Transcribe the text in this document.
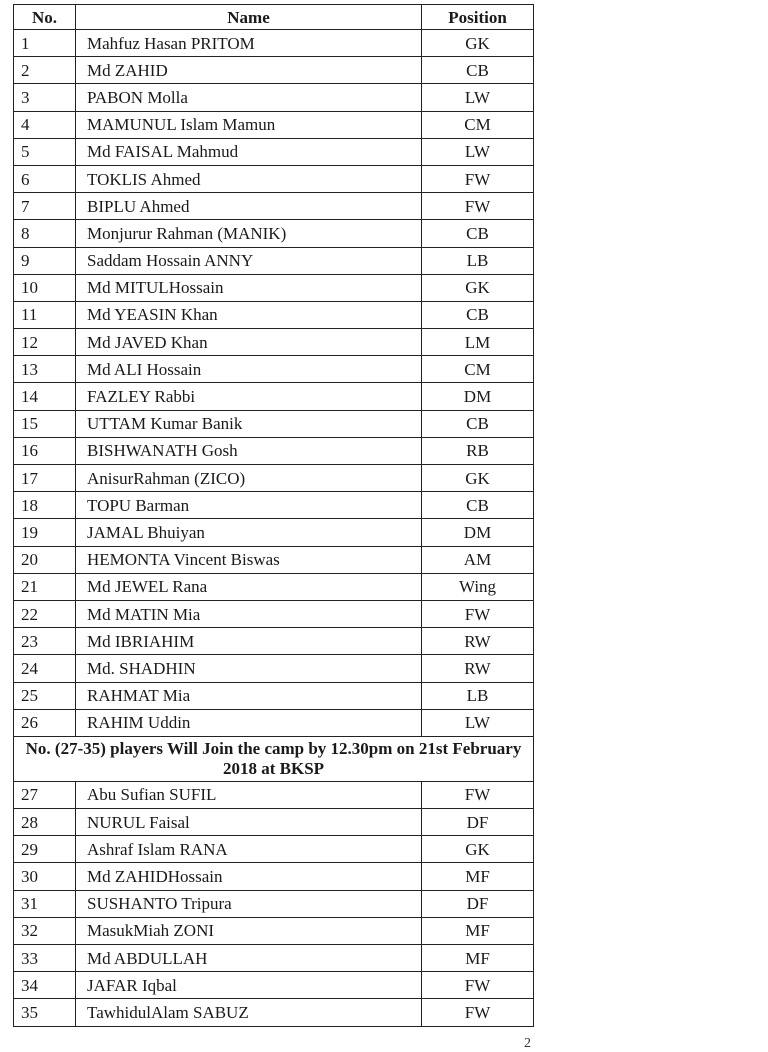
No.	Name	Position
1	Mahfuz Hasan PRITOM	GK
2	Md ZAHID	CB
3	PABON Molla	LW
4	MAMUNUL Islam Mamun	CM
5	Md FAISAL Mahmud	LW
6	TOKLIS Ahmed	FW
7	BIPLU Ahmed	FW
8	Monjurur Rahman (MANIK)	CB
9	Saddam Hossain ANNY	LB
10	Md MITULHossain	GK
11	Md YEASIN Khan	CB
12	Md JAVED Khan	LM
13	Md ALI Hossain	CM
14	FAZLEY Rabbi	DM
15	UTTAM Kumar Banik	CB
16	BISHWANATH Gosh	RB
17	AnisurRahman (ZICO)	GK
18	TOPU Barman	CB
19	JAMAL Bhuiyan	DM
20	HEMONTA Vincent Biswas	AM
21	Md JEWEL Rana	Wing
22	Md MATIN Mia	FW
23	Md IBRIAHIM	RW
24	Md. SHADHIN	RW
25	RAHMAT Mia	LB
26	RAHIM Uddin	LW
No. (27-35) players Will Join the camp by 12.30pm on 21st February 2018 at BKSP		
27	Abu Sufian SUFIL	FW
28	NURUL Faisal	DF
29	Ashraf Islam RANA	GK
30	Md ZAHIDHossain	MF
31	SUSHANTO Tripura	DF
32	MasukMiah ZONI	MF
33	Md ABDULLAH	MF
34	JAFAR Iqbal	FW
35	TawhidulAlam SABUZ	FW
2
